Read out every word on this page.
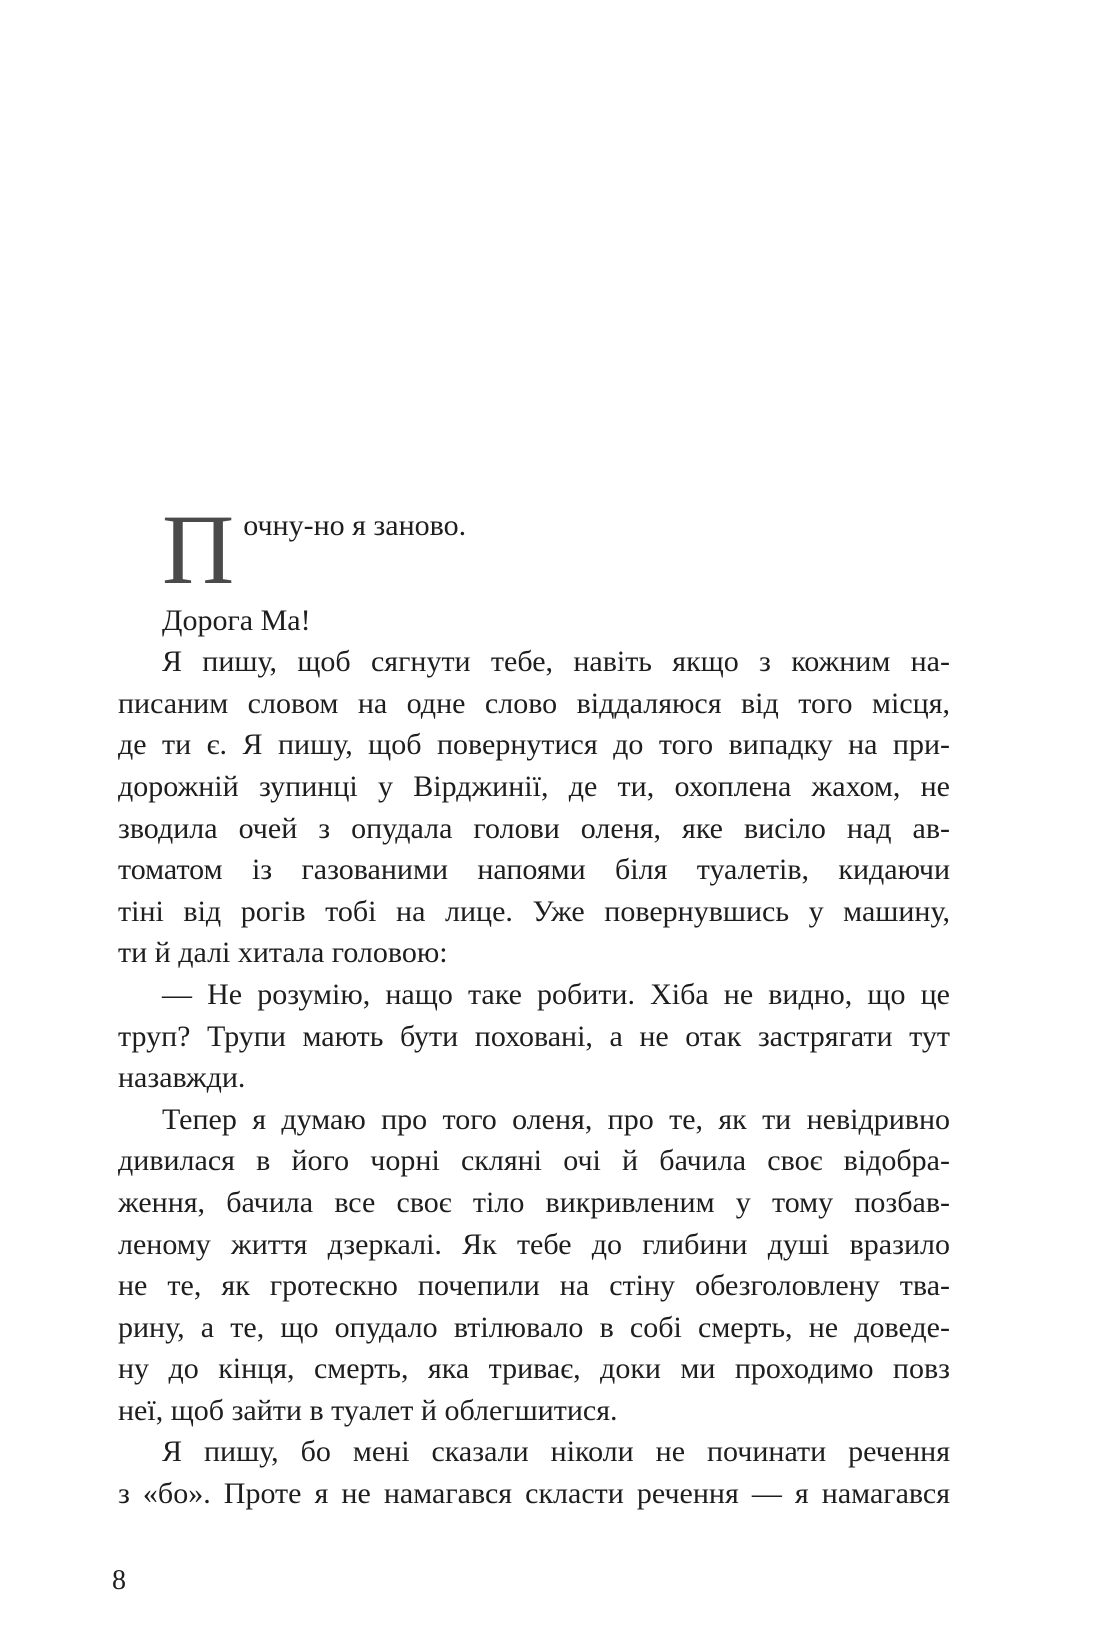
Почну-но я заново.
Дорога Ма!
Я пишу, щоб сягнути тебе, навіть якщо з кожним на-
писаним словом на одне слово віддаляюся від того місця,
де ти є. Я пишу, щоб повернутися до того випадку на при-
дорожній зупинці у Вірджинії, де ти, охоплена жахом, не
зводила очей з опудала голови оленя, яке висіло над ав-
томатом із газованими напоями біля туалетів, кидаючи
тіні від рогів тобі на лице. Уже повернувшись у машину,
ти й далі хитала головою:
— Не розумію, нащо таке робити. Хіба не видно, що це
труп? Трупи мають бути поховані, а не отак застрягати тут
назавжди.
Тепер я думаю про того оленя, про те, як ти невідривно
дивилася в його чорні скляні очі й бачила своє відобра-
ження, бачила все своє тіло викривленим у тому позбав-
леному життя дзеркалі. Як тебе до глибини душі вразило
не те, як гротескно почепили на стіну обезголовлену тва-
рину, а те, що опудало втілювало в собі смерть, не доведе-
ну до кінця, смерть, яка триває, доки ми проходимо повз
неї, щоб зайти в туалет й облегшитися.
Я пишу, бо мені сказали ніколи не починати речення
з «бо». Проте я не намагався скласти речення — я намагався
8
